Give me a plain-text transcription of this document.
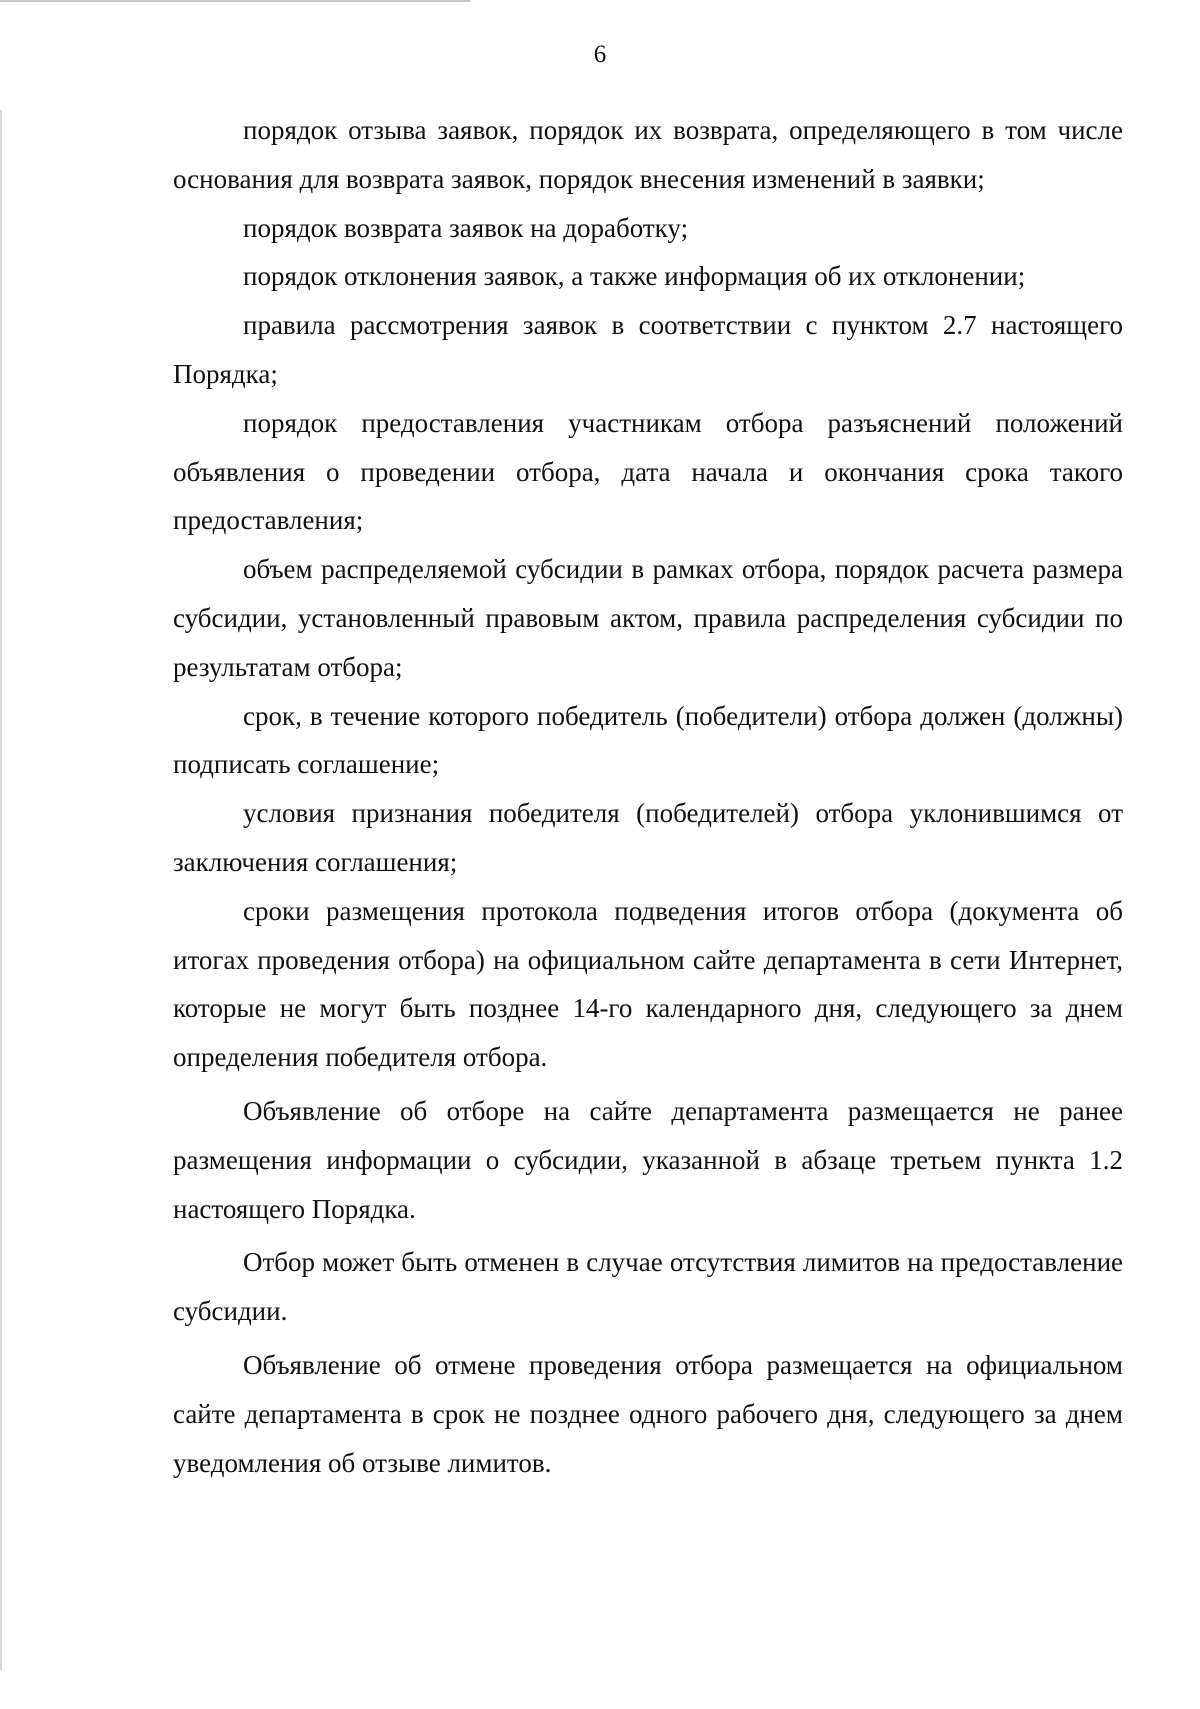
6

порядок отзыва заявок, порядок их возврата, определяющего в том числе основания для возврата заявок, порядок внесения изменений в заявки;

порядок возврата заявок на доработку;

порядок отклонения заявок, а также информация об их отклонении;

правила рассмотрения заявок в соответствии с пунктом 2.7 настоящего Порядка;

порядок предоставления участникам отбора разъяснений положений объявления о проведении отбора, дата начала и окончания срока такого предоставления;

объем распределяемой субсидии в рамках отбора, порядок расчета размера субсидии, установленный правовым актом, правила распределения субсидии по результатам отбора;

срок, в течение которого победитель (победители) отбора должен (должны) подписать соглашение;

условия признания победителя (победителей) отбора уклонившимся от заключения соглашения;

сроки размещения протокола подведения итогов отбора (документа об итогах проведения отбора) на официальном сайте департамента в сети Интернет, которые не могут быть позднее 14-го календарного дня, следующего за днем определения победителя отбора.

Объявление об отборе на сайте департамента размещается не ранее размещения информации о субсидии, указанной в абзаце третьем пункта 1.2 настоящего Порядка.

Отбор может быть отменен в случае отсутствия лимитов на предоставление субсидии.

Объявление об отмене проведения отбора размещается на официальном сайте департамента в срок не позднее одного рабочего дня, следующего за днем уведомления об отзыве лимитов.
